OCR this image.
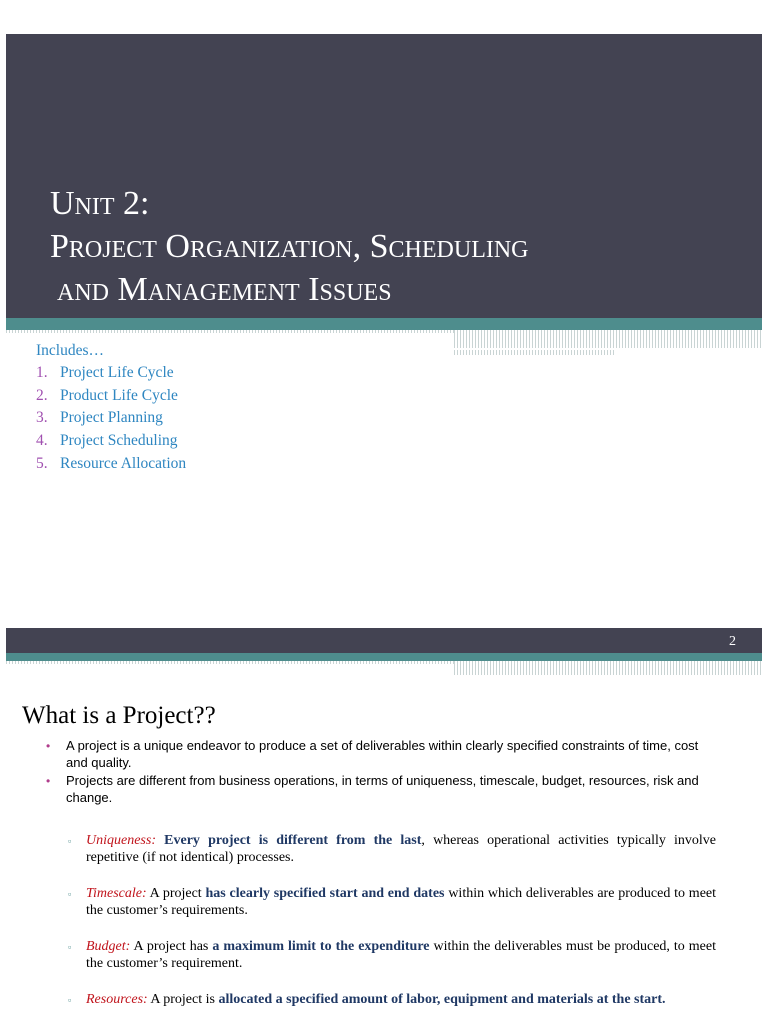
Unit 2:
Project Organization, Scheduling
and Management Issues

Includes…

1. Project Life Cycle
2. Product Life Cycle
3. Project Planning
4. Project Scheduling
5. Resource Allocation
2
What is a Project??
• A project is a unique endeavor to produce a set of deliverables within clearly specified constraints of time, cost and quality.
• Projects are different from business operations, in terms of uniqueness, timescale, budget, resources, risk and change.
▫	Uniqueness: Every project is different from the last, whereas operational activities typically involve repetitive (if not identical) processes.

▫	Timescale: A project has clearly specified start and end dates within which deliverables are produced to meet the customer’s requirements.

▫	Budget: A project has a maximum limit to the expenditure within the deliverables must be produced, to meet the customer’s requirement.

▫	Resources: A project is allocated a specified amount of labor, equipment and materials at the start.
